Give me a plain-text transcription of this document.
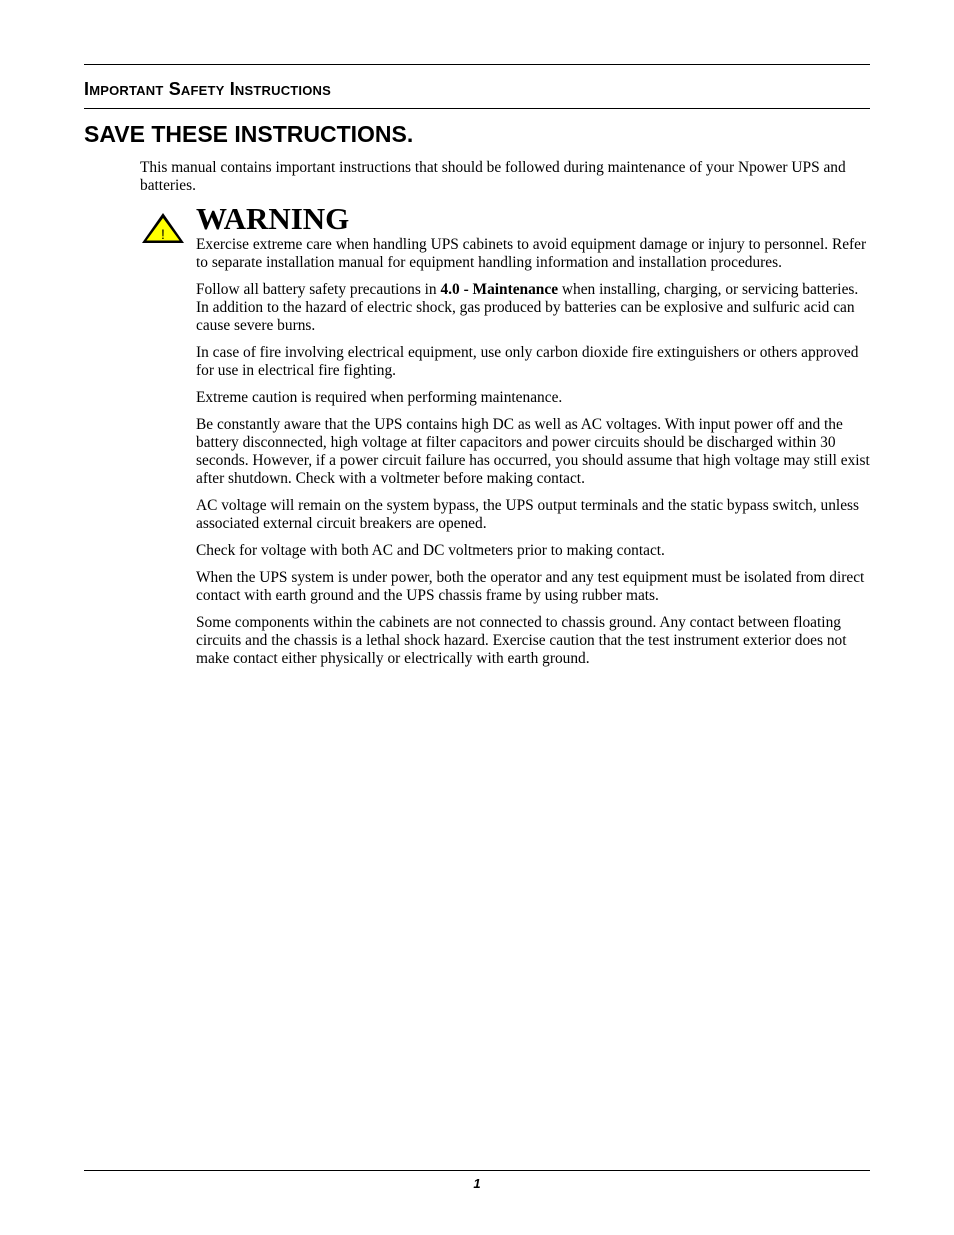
Important Safety Instructions
SAVE THESE INSTRUCTIONS.

This manual contains important instructions that should be followed during maintenance of your Npower UPS and batteries.

! WARNING

Exercise extreme care when handling UPS cabinets to avoid equipment damage or injury to personnel. Refer to separate installation manual for equipment handling information and installation procedures.

Follow all battery safety precautions in 4.0 - Maintenance when installing, charging, or servicing batteries. In addition to the hazard of electric shock, gas produced by batteries can be explosive and sulfuric acid can cause severe burns.

In case of fire involving electrical equipment, use only carbon dioxide fire extinguishers or others approved for use in electrical fire fighting.

Extreme caution is required when performing maintenance.

Be constantly aware that the UPS contains high DC as well as AC voltages. With input power off and the battery disconnected, high voltage at filter capacitors and power circuits should be discharged within 30 seconds. However, if a power circuit failure has occurred, you should assume that high voltage may still exist after shutdown. Check with a voltmeter before making contact.

AC voltage will remain on the system bypass, the UPS output terminals and the static bypass switch, unless associated external circuit breakers are opened.

Check for voltage with both AC and DC voltmeters prior to making contact.

When the UPS system is under power, both the operator and any test equipment must be isolated from direct contact with earth ground and the UPS chassis frame by using rubber mats.

Some components within the cabinets are not connected to chassis ground. Any contact between floating circuits and the chassis is a lethal shock hazard. Exercise caution that the test instrument exterior does not make contact either physically or electrically with earth ground.

1
